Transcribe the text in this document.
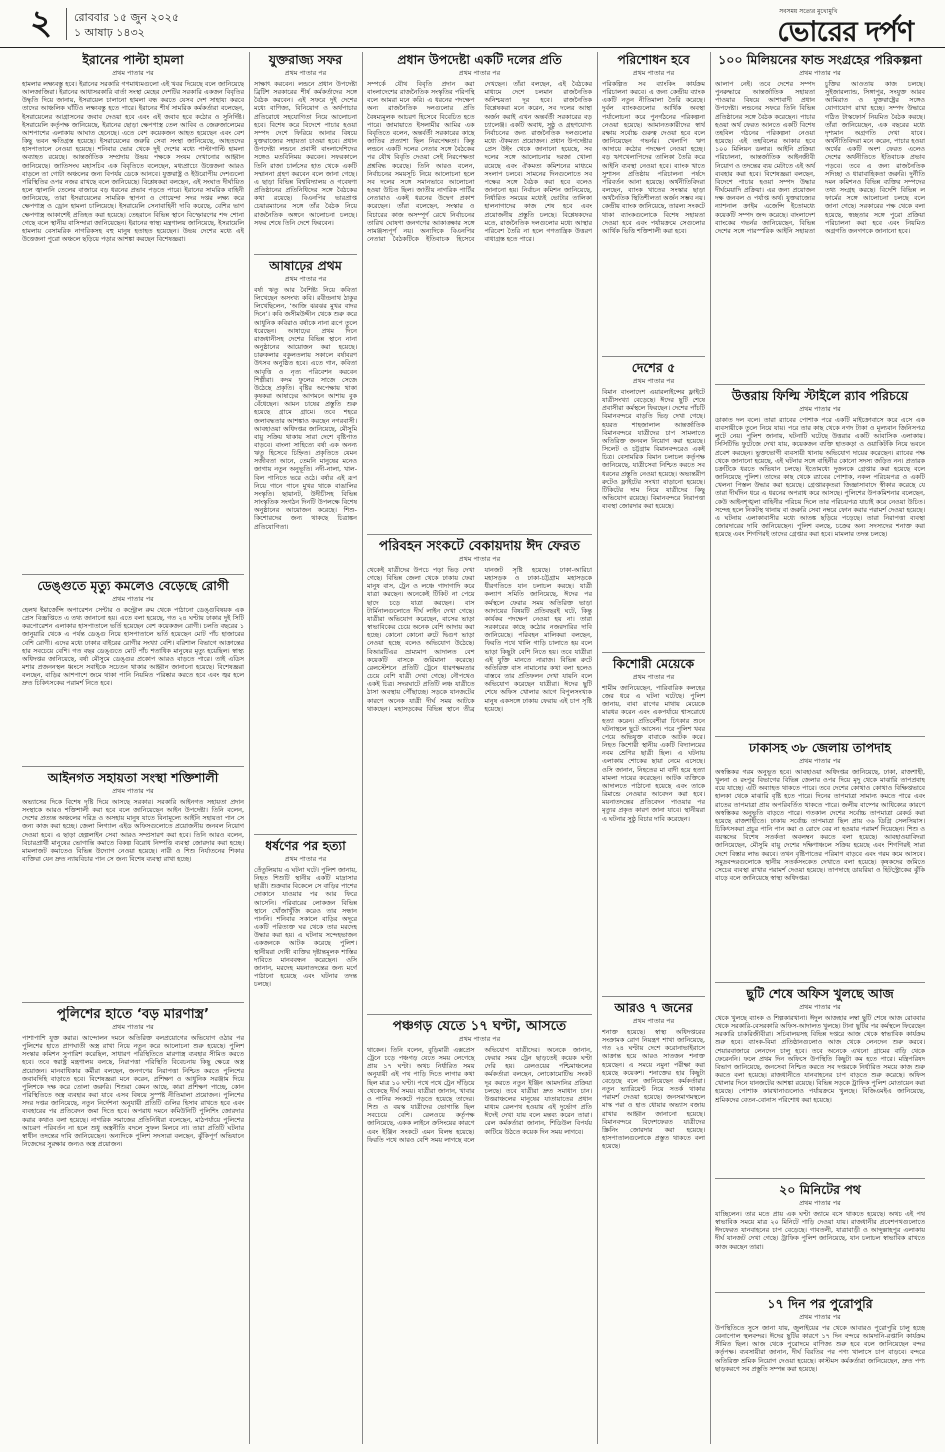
২ রোববার ১৫ জুন ২০২৫
১ আষাঢ় ১৪৩২
সবসময় সত্যের মুখোমুখি
ভোরের দর্পণ
ইরানের পাল্টা হামলা
প্রথম পাতার পর
হামলার লক্ষ্যবস্তু হবে। ইরানের সরকারি গণমাধ্যমগুলো এই খবর দিয়েছে বলে জানিয়েছে আলজাজিরা। ইরানের আধাসরকারি বার্তা সংস্থা মেহের দেশটির সরকারি একজন বিবৃতির উদ্ধৃতি দিয়ে জানায়, ইসরায়েল চালানো হামলা বন্ধ করতে যেসব দেশ সাহায্য করবে তাদের আঞ্চলিক ঘাঁটিও লক্ষ্যবস্তু হতে পারে। ইরানের শীর্ষ সামরিক কর্মকর্তারা বলেছেন, ইসরায়েলের আগ্রাসনের জবাব দেওয়া হবে এবং এই জবাব হবে কঠোর ও সুনির্দিষ্ট। ইসরায়েলি কর্তৃপক্ষ জানিয়েছে, ইরানের ছোড়া ক্ষেপণাস্ত্র তেল আবিব ও জেরুজালেমের আশপাশের এলাকায় আঘাত হেনেছে। এতে বেশ কয়েকজন আহত হয়েছেন এবং বেশ কিছু ভবন ক্ষতিগ্রস্ত হয়েছে। ইসরায়েলের জরুরি সেবা সংস্থা জানিয়েছে, আহতদের হাসপাতালে নেওয়া হয়েছে। শনিবার ভোর থেকে দুই দেশের মধ্যে পাল্টাপাল্টি হামলা অব্যাহত রয়েছে। আন্তর্জাতিক সম্প্রদায় উভয় পক্ষকে সংযম দেখানোর আহ্বান জানিয়েছে। জাতিসংঘ মহাসচিব এক বিবৃতিতে বলেছেন, মধ্যপ্রাচ্যে উত্তেজনা আরও বাড়লে তা গোটা অঞ্চলের জন্য বিপর্যয় ডেকে আনবে। যুক্তরাষ্ট্র ও ইউরোপীয় দেশগুলো পরিস্থিতির ওপর নজর রাখছে বলে জানিয়েছে। বিশ্লেষকরা বলছেন, এই সংঘাত দীর্ঘায়িত হলে জ্বালানি তেলের বাজারে বড় ধরনের প্রভাব পড়তে পারে। ইরানের সামরিক বাহিনী জানিয়েছে, তারা ইসরায়েলের সামরিক স্থাপনা ও গোয়েন্দা সদর দপ্তর লক্ষ্য করে ক্ষেপণাস্ত্র ও ড্রোন হামলা চালিয়েছে। ইসরায়েলি সেনাবাহিনী দাবি করেছে, বেশির ভাগ ক্ষেপণাস্ত্র আকাশেই প্রতিহত করা হয়েছে। তেহরানে বিভিন্ন স্থানে বিস্ফোরণের শব্দ শোনা গেছে বলে স্থানীয় বাসিন্দারা জানিয়েছেন। ইরানের স্বাস্থ্য মন্ত্রণালয় জানিয়েছে, ইসরায়েলি হামলায় বেসামরিক নাগরিকসহ বহু মানুষ হতাহত হয়েছেন। উভয় দেশের মধ্যে এই উত্তেজনা পুরো অঞ্চলে ছড়িয়ে পড়ার আশঙ্কা করছেন বিশেষজ্ঞরা।
ডেঙ্গুতে মৃত্যু কমলেও বেড়েছে রোগী
প্রথম পাতার পর
হেলথ ইমার্জেন্সি অপারেশন সেন্টার ও কন্ট্রোল রুম থেকে পাঠানো ডেঙ্গুবিষয়ক এক প্রেস বিজ্ঞপ্তিতে এ তথ্য জানানো হয়। এতে বলা হয়েছে, গত ২৪ ঘণ্টায় ঢাকার দুই সিটি করপোরেশন এলাকার হাসপাতালে ভর্তি হয়েছেন বেশ কয়েকজন রোগী। চলতি বছরের ১ জানুয়ারি থেকে এ পর্যন্ত ডেঙ্গু নিয়ে হাসপাতালে ভর্তি হয়েছেন মোট পাঁচ হাজারের বেশি রোগী। এদের মধ্যে ঢাকার বাইরের রোগীর সংখ্যা বেশি। বরিশাল বিভাগে আক্রান্তের হার সবচেয়ে বেশি। গত বছর ডেঙ্গুতে মোট পাঁচ শতাধিক মানুষের মৃত্যু হয়েছিল। স্বাস্থ্য অধিদপ্তর জানিয়েছে, বর্ষা মৌসুমে ডেঙ্গুর প্রকোপ আরও বাড়তে পারে। তাই এডিস মশার প্রজননস্থল ধ্বংসে সবাইকে সচেতন থাকার আহ্বান জানানো হয়েছে। বিশেষজ্ঞরা বলছেন, বাড়ির আশপাশে জমে থাকা পানি নিয়মিত পরিষ্কার করতে হবে এবং জ্বর হলে দ্রুত চিকিৎসকের পরামর্শ নিতে হবে।
আইনগত সহায়তা সংস্থা শক্তিশালী
প্রথম পাতার পর
অভ্যাসের দিকে বিশেষ দৃষ্টি দিয়ে আসছে সরকার। সরকারি আইনগত সহায়তা প্রদান সংস্থাকে আরও শক্তিশালী করা হবে বলে জানিয়েছেন আইন উপদেষ্টা। তিনি বলেন, দেশের প্রত্যন্ত অঞ্চলের দরিদ্র ও অসহায় মানুষ যাতে বিনামূল্যে আইনি সহায়তা পান সে জন্য কাজ করা হচ্ছে। জেলা লিগ্যাল এইড অফিসগুলোতে প্রয়োজনীয় জনবল নিয়োগ দেওয়া হবে। এ ছাড়া হেল্পলাইন সেবা আরও সম্প্রসারণ করা হবে। তিনি আরও বলেন, বিচারপ্রার্থী মানুষের ভোগান্তি কমাতে বিকল্প বিরোধ নিষ্পত্তি ব্যবস্থা জোরদার করা হচ্ছে। মামলাজট কমাতেও বিভিন্ন উদ্যোগ নেওয়া হয়েছে। নারী ও শিশু নির্যাতনের শিকার ব্যক্তিরা যেন দ্রুত ন্যায়বিচার পান সে জন্য বিশেষ ব্যবস্থা রাখা হচ্ছে।
পুলিশের হাতে ‘বড় মারণাস্ত্র’
প্রথম পাতার পর
পাশাপাশি যুক্ত করার। আন্দোলন দমনে অতিরিক্ত বলপ্রয়োগের অভিযোগ ওঠার পর পুলিশের হাতে প্রাণঘাতী অস্ত্র রাখা নিয়ে নতুন করে আলোচনা শুরু হয়েছে। পুলিশ সংস্কার কমিশন সুপারিশ করেছিল, সাধারণ পরিস্থিতিতে মারণাস্ত্র ব্যবহার সীমিত করতে হবে। তবে স্বরাষ্ট্র মন্ত্রণালয় বলছে, নিরাপত্তা পরিস্থিতি বিবেচনায় কিছু ক্ষেত্রে অস্ত্র প্রয়োজন। মানবাধিকার কর্মীরা বলছেন, জনগণের নিরাপত্তা নিশ্চিত করতে পুলিশের জবাবদিহি বাড়াতে হবে। বিশেষজ্ঞরা মনে করেন, প্রশিক্ষণ ও আধুনিক সরঞ্জাম দিয়ে পুলিশকে দক্ষ করে তোলা জরুরি। শিশুরা কেমন আছে, কারা প্রশিক্ষণ পাচ্ছে, কোন পরিস্থিতিতে অস্ত্র ব্যবহার করা যাবে এসব বিষয়ে সুস্পষ্ট নীতিমালা প্রয়োজন। পুলিশের সদর দপ্তর জানিয়েছে, নতুন নির্দেশনা অনুযায়ী প্রতিটি গুলির হিসাব রাখতে হবে এবং ব্যবহারের পর প্রতিবেদন জমা দিতে হবে। অপরাধ দমনে কমিউনিটি পুলিশিং জোরদার করার কথাও বলা হয়েছে। নাগরিক সমাজের প্রতিনিধিরা বলেছেন, মাঠপর্যায়ে পুলিশের আচরণ পরিবর্তন না হলে শুধু অস্ত্রনীতি বদলে সুফল মিলবে না। তারা প্রতিটি ঘটনার স্বাধীন তদন্তের দাবি জানিয়েছেন। অন্যদিকে পুলিশ সদস্যরা বলছেন, ঝুঁকিপূর্ণ অভিযানে নিজেদের সুরক্ষার জন্যও অস্ত্র প্রয়োজন।
যুক্তরাজ্য সফর
প্রথম পাতার পর
সাক্ষাৎ করবেন। লন্ডনে প্রধান উপদেষ্টা ব্রিটিশ সরকারের শীর্ষ কর্মকর্তাদের সঙ্গে বৈঠক করবেন। এই সফরে দুই দেশের মধ্যে বাণিজ্য, বিনিয়োগ ও অর্থপাচার প্রতিরোধে সহযোগিতা নিয়ে আলোচনা হবে। বিশেষ করে বিদেশে পাচার হওয়া সম্পদ দেশে ফিরিয়ে আনার বিষয়ে যুক্তরাজ্যের সহায়তা চাওয়া হবে। প্রধান উপদেষ্টা লন্ডনে প্রবাসী বাংলাদেশিদের সঙ্গেও মতবিনিময় করবেন। সফরকালে তিনি রাজা চার্লসের হাত থেকে একটি সম্মাননা গ্রহণ করবেন বলে জানা গেছে। এ ছাড়া বিভিন্ন বিশ্ববিদ্যালয় ও গবেষণা প্রতিষ্ঠানের প্রতিনিধিদের সঙ্গে বৈঠকের কথা রয়েছে। বিএনপির ভারপ্রাপ্ত চেয়ারম্যানের সঙ্গে তাঁর বৈঠক নিয়ে রাজনৈতিক অঙ্গনে আলোচনা চলছে। সফর শেষে তিনি দেশে ফিরবেন।
আষাঢ়ের প্রথম
প্রথম পাতার পর
বর্ষা ঋতু আর বৈশিষ্ট্য নিয়ে কবিতা লিখেছেন অসংখ্য কবি। রবীন্দ্রনাথ ঠাকুর লিখেছিলেন, ‘আজি ঝরঝর মুখর বাদর দিনে’। কবি জসীমউদ্দীন থেকে শুরু করে আধুনিক কবিরাও বর্ষাকে নানা রূপে তুলে ধরেছেন। আষাঢ়ের প্রথম দিনে রাজধানীসহ দেশের বিভিন্ন স্থানে নানা অনুষ্ঠানের আয়োজন করা হয়েছে। চারুকলার বকুলতলায় সকালে বর্ষাবরণ উৎসব অনুষ্ঠিত হবে। এতে গান, কবিতা আবৃত্তি ও নৃত্য পরিবেশন করবেন শিল্পীরা। কদম ফুলের সাজে সেজে উঠেছে প্রকৃতি। বৃষ্টির অপেক্ষায় থাকা কৃষকরা আষাঢ়ের আগমনে আশায় বুক বেঁধেছেন। আমন চাষের প্রস্তুতি শুরু হয়েছে গ্রামে গ্রামে। তবে শহরে জলাবদ্ধতার আশঙ্কাও করছেন নগরবাসী। আবহাওয়া অধিদপ্তর জানিয়েছে, মৌসুমি বায়ু সক্রিয় থাকায় সারা দেশে বৃষ্টিপাত বাড়বে। বাংলা সাহিত্যে বর্ষা এক অনন্য ঋতু হিসেবে চিহ্নিত। প্রকৃতিতে যেমন সজীবতা আনে, তেমনি মানুষের মনেও জাগায় নতুন অনুভূতি। নদী-নালা, খাল-বিল পানিতে ভরে ওঠে। বর্ষার এই রূপ নিয়ে গানে গানে মুখর থাকে বাঙালির সংস্কৃতি। ছায়ানট, উদীচীসহ বিভিন্ন সাংস্কৃতিক সংগঠন দিনটি উপলক্ষে বিশেষ অনুষ্ঠানের আয়োজন করেছে। শিশু-কিশোরদের জন্য থাকছে চিত্রাঙ্কন প্রতিযোগিতা।
ধর্ষণের পর হত্যা
প্রথম পাতার পর
তেঁতুলিয়ায় এ ঘটনা ঘটে। পুলিশ জানায়, নিহত শিশুটি স্থানীয় একটি মাদ্রাসার ছাত্রী। শুক্রবার বিকেলে সে বাড়ির পাশের দোকানে যাওয়ার পর আর ফিরে আসেনি। পরিবারের লোকজন বিভিন্ন স্থানে খোঁজাখুঁজি করেও তার সন্ধান পাননি। শনিবার সকালে বাড়ির অদূরে একটি পরিত্যক্ত ঘর থেকে তার মরদেহ উদ্ধার করা হয়। এ ঘটনায় সন্দেহভাজন একজনকে আটক করেছে পুলিশ। স্থানীয়রা দোষী ব্যক্তির দৃষ্টান্তমূলক শাস্তির দাবিতে মানববন্ধন করেছেন। ওসি জানান, মরদেহ ময়নাতদন্তের জন্য মর্গে পাঠানো হয়েছে এবং ঘটনার তদন্ত চলছে।
প্রধান উপদেষ্টা একটি দলের প্রতি
প্রথম পাতার পর
সম্পর্কে যৌথ বিবৃতি প্রদান করা বাংলাদেশের রাজনৈতিক সংস্কৃতির পরিপন্থি বলে আমরা মনে করি। এ ধরনের পদক্ষেপ অন্য রাজনৈতিক দলগুলোর প্রতি বৈষম্যমূলক আচরণ হিসেবে বিবেচিত হতে পারে। জামায়াতে ইসলামীর আমির এক বিবৃতিতে বলেন, অন্তর্বর্তী সরকারের কাছে জাতির প্রত্যাশা ছিল নিরপেক্ষতা। কিন্তু লন্ডনে একটি দলের নেতার সঙ্গে বৈঠকের পর যৌথ বিবৃতি দেওয়া সেই নিরপেক্ষতা প্রশ্নবিদ্ধ করেছে। তিনি আরও বলেন, নির্বাচনের সময়সূচি নিয়ে আলোচনা হলে সব দলের সঙ্গে সমানভাবে আলোচনা হওয়া উচিত ছিল। জাতীয় নাগরিক পার্টির নেতারাও একই ধরনের উদ্বেগ প্রকাশ করেছেন। তাঁরা বলেছেন, সংস্কার ও বিচারের কাজ অসম্পূর্ণ রেখে নির্বাচনের তারিখ ঘোষণা জনগণের আকাঙ্ক্ষার সঙ্গে সামঞ্জস্যপূর্ণ নয়। অন্যদিকে বিএনপির নেতারা বৈঠকটিকে ইতিবাচক হিসেবে দেখছেন। তাঁরা বলছেন, এই বৈঠকের মাধ্যমে দেশে চলমান রাজনৈতিক অনিশ্চয়তা দূর হবে। রাজনৈতিক বিশ্লেষকরা মনে করেন, সব দলের আস্থা অর্জন করাই এখন অন্তর্বর্তী সরকারের বড় চ্যালেঞ্জ। একটি অবাধ, সুষ্ঠু ও গ্রহণযোগ্য নির্বাচনের জন্য রাজনৈতিক দলগুলোর মধ্যে ঐকমত্য প্রয়োজন। প্রধান উপদেষ্টার প্রেস উইং থেকে জানানো হয়েছে, সব দলের সঙ্গে আলোচনার দরজা খোলা রয়েছে এবং ঐকমত্য কমিশনের মাধ্যমে সংলাপ চলবে। সামনের দিনগুলোতে সব পক্ষের সঙ্গে বৈঠক করা হবে বলেও জানানো হয়। নির্বাচন কমিশন জানিয়েছে, নির্ধারিত সময়ের মধ্যেই ভোটার তালিকা হালনাগাদের কাজ শেষ হবে এবং প্রয়োজনীয় প্রস্তুতি চলছে। বিশ্লেষকদের মতে, রাজনৈতিক দলগুলোর মধ্যে আস্থার পরিবেশ তৈরি না হলে গণতান্ত্রিক উত্তরণ বাধাগ্রস্ত হতে পারে।
পরিবহন সংকটে বেকায়দায় ঈদ ফেরত
প্রথম পাতার পর
থেকেই যাত্রীদের উপচে পড়া ভিড় দেখা গেছে। বিভিন্ন জেলা থেকে ঢাকায় ফেরা মানুষ বাস, ট্রেন ও লঞ্চে গাদাগাদি করে যাত্রা করছেন। অনেকেই টিকিট না পেয়ে ছাদে চড়ে যাত্রা করছেন। বাস টার্মিনালগুলোতে দীর্ঘ লাইন দেখা গেছে। যাত্রীরা অভিযোগ করেছেন, বাসের ভাড়া স্বাভাবিকের চেয়ে অনেক বেশি আদায় করা হচ্ছে। কোনো কোনো রুটে দ্বিগুণ ভাড়া নেওয়া হচ্ছে বলেও অভিযোগ উঠেছে। বিআরটিএর ভ্রাম্যমাণ আদালত বেশ কয়েকটি বাসকে জরিমানা করেছে। রেলস্টেশনে প্রতিটি ট্রেনে ধারণক্ষমতার চেয়ে বেশি যাত্রী দেখা গেছে। নৌপথেও একই চিত্র। সদরঘাটে প্রতিটি লঞ্চ যাত্রীতে ঠাসা অবস্থায় পৌঁছাচ্ছে। সড়কে যানজটের কারণে অনেক যাত্রী দীর্ঘ সময় আটকে থাকছেন। মহাসড়কের বিভিন্ন স্থানে তীব্র যানজট সৃষ্টি হয়েছে। ঢাকা-আরিচা মহাসড়ক ও ঢাকা-চট্টগ্রাম মহাসড়কে ধীরগতিতে যান চলাচল করছে। যাত্রী কল্যাণ সমিতি জানিয়েছে, ঈদের পর কর্মস্থলে ফেরার সময় অতিরিক্ত ভাড়া আদায়ের বিষয়টি প্রতিবছরই ঘটে, কিন্তু কার্যকর পদক্ষেপ নেওয়া হয় না। তারা সরকারের কাছে কঠোর নজরদারির দাবি জানিয়েছে। পরিবহন মালিকরা বলছেন, ফিরতি পথে খালি গাড়ি চালাতে হয় বলে ভাড়া কিছুটা বেশি নিতে হয়। তবে যাত্রীরা এই যুক্তি মানতে নারাজ। বিভিন্ন রুটে অতিরিক্ত বাস নামানোর কথা বলা হলেও বাস্তবে তার প্রতিফলন দেখা যায়নি বলে অভিযোগ করেছেন যাত্রীরা। ঈদের ছুটি শেষে অফিস খোলার আগে বিপুলসংখ্যক মানুষ একসঙ্গে ঢাকায় ফেরায় এই চাপ সৃষ্টি হয়েছে।
পঞ্চগড় যেতে ১৭ ঘণ্টা, আসতে
প্রথম পাতার পর
থাকেন। তিনি বলেন, বুড়িমারী এক্সপ্রেস ট্রেনে চড়ে পঞ্চগড় যেতে সময় লেগেছে প্রায় ১৭ ঘণ্টা। অথচ নির্ধারিত সময় অনুযায়ী এই পথ পাড়ি দিতে লাগার কথা ছিল মাত্র ১০ ঘণ্টা। পথে পথে ট্রেন দাঁড়িয়ে থেকেছে দীর্ঘ সময়। যাত্রীরা জানান, খাবার ও পানির সংকটে পড়তে হয়েছে তাদের। শিশু ও বয়স্ক যাত্রীদের ভোগান্তি ছিল সবচেয়ে বেশি। রেলওয়ে কর্তৃপক্ষ জানিয়েছে, একক লাইনে ক্রসিংয়ের কারণে এবং ইঞ্জিন সংকটে এমন বিলম্ব হয়েছে। ফিরতি পথে আরও বেশি সময় লাগছে বলে অভিযোগ যাত্রীদের। অনেকে জানান, ফেরার সময় ট্রেন ছাড়তেই কয়েক ঘণ্টা দেরি হয়। রেলওয়ের পশ্চিমাঞ্চলের কর্মকর্তারা বলছেন, লোকোমোটিভ সংকট দূর করতে নতুন ইঞ্জিন আমদানির প্রক্রিয়া চলছে। তবে যাত্রীরা দ্রুত সমাধান চান। উত্তরাঞ্চলের মানুষের যাতায়াতের প্রধান মাধ্যম রেলপথ হওয়ায় এই দুর্ভোগ প্রতি ঈদেই দেখা যায় বলে মন্তব্য করেন তারা। রেল কর্মকর্তারা জানান, শিডিউল বিপর্যয় কাটিয়ে উঠতে কয়েক দিন সময় লাগবে।
পরিশোধন হবে
প্রথম পাতার পর
পরিকল্পিত সব ব্যাংকিং কার্যক্রম পরিচালনা করবে। এ জন্য কেন্দ্রীয় ব্যাংক একটি নতুন নীতিমালা তৈরি করেছে। দুর্বল ব্যাংকগুলোর আর্থিক অবস্থা পর্যালোচনা করে পুনর্গঠনের পরিকল্পনা নেওয়া হয়েছে। আমানতকারীদের স্বার্থ রক্ষায় সর্বোচ্চ গুরুত্ব দেওয়া হবে বলে জানিয়েছেন গভর্নর। খেলাপি ঋণ আদায়ে কঠোর পদক্ষেপ নেওয়া হচ্ছে। বড় ঋণখেলাপিদের তালিকা তৈরি করে আইনি ব্যবস্থা নেওয়া হবে। ব্যাংক খাতে সুশাসন প্রতিষ্ঠায় পরিচালনা পর্ষদে পরিবর্তন আনা হয়েছে। অর্থনীতিবিদরা বলছেন, ব্যাংক খাতের সংস্কার ছাড়া অর্থনৈতিক স্থিতিশীলতা অর্জন সম্ভব নয়। কেন্দ্রীয় ব্যাংক জানিয়েছে, তারল্য সংকটে থাকা ব্যাংকগুলোকে বিশেষ সহায়তা দেওয়া হবে এবং পর্যায়ক্রমে সেগুলোর আর্থিক ভিত্তি শক্তিশালী করা হবে।
দেশের ৫
প্রথম পাতার পর
বিমান বাংলাদেশ এয়ারলাইন্সের ফ্লাইটে যাত্রীসংখ্যা বেড়েছে। ঈদের ছুটি শেষে প্রবাসীরা কর্মস্থলে ফিরছেন। দেশের পাঁচটি বিমানবন্দরে বাড়তি ভিড় দেখা গেছে। হযরত শাহজালাল আন্তর্জাতিক বিমানবন্দরে যাত্রীদের চাপ সামলাতে অতিরিক্ত জনবল নিয়োগ করা হয়েছে। সিলেট ও চট্টগ্রাম বিমানবন্দরেও একই চিত্র। বেসামরিক বিমান চলাচল কর্তৃপক্ষ জানিয়েছে, যাত্রীসেবা নিশ্চিত করতে সব ধরনের প্রস্তুতি নেওয়া হয়েছে। অভ্যন্তরীণ রুটেও ফ্লাইটের সংখ্যা বাড়ানো হয়েছে। টিকিটের দাম নিয়ে যাত্রীদের কিছু অভিযোগ রয়েছে। বিমানবন্দরে নিরাপত্তা ব্যবস্থা জোরদার করা হয়েছে।
কিশোরী মেয়েকে
প্রথম পাতার পর
শামীম জানিয়েছেন, পারিবারিক কলহের জের ধরে এ ঘটনা ঘটেছে। পুলিশ জানায়, বাবা রাগের মাথায় মেয়েকে মারধর করেন এবং একপর্যায়ে শ্বাসরোধে হত্যা করেন। প্রতিবেশীরা চিৎকার শুনে ঘটনাস্থলে ছুটে আসেন। পরে পুলিশ খবর পেয়ে অভিযুক্ত বাবাকে আটক করে। নিহত কিশোরী স্থানীয় একটি বিদ্যালয়ের নবম শ্রেণির ছাত্রী ছিল। এ ঘটনায় এলাকায় শোকের ছায়া নেমে এসেছে। ওসি জানান, নিহতের মা বাদী হয়ে হত্যা মামলা দায়ের করেছেন। আটক ব্যক্তিকে আদালতে পাঠানো হয়েছে এবং তাকে রিমান্ডে নেওয়ার আবেদন করা হবে। ময়নাতদন্তের প্রতিবেদন পাওয়ার পর মৃত্যুর প্রকৃত কারণ জানা যাবে। স্থানীয়রা এ ঘটনার সুষ্ঠু বিচার দাবি করেছেন।
আরও ৭ জনের
প্রথম পাতার পর
শনাক্ত হয়েছে। স্বাস্থ্য অধিদপ্তরের সংক্রামক রোগ নিয়ন্ত্রণ শাখা জানিয়েছে, গত ২৪ ঘণ্টায় দেশে করোনাভাইরাসে আক্রান্ত হয়ে আরও সাতজন শনাক্ত হয়েছেন। এ সময়ে নমুনা পরীক্ষা করা হয়েছে কয়েকশ। শনাক্তের হার কিছুটা বেড়েছে বলে জানিয়েছেন কর্মকর্তারা। নতুন ভ্যারিয়েন্ট নিয়ে সতর্ক থাকার পরামর্শ দেওয়া হয়েছে। জনসমাগমস্থলে মাস্ক পরা ও হাত ধোয়ার অভ্যাস বজায় রাখার আহ্বান জানানো হয়েছে। বিমানবন্দরে বিদেশফেরত যাত্রীদের স্ক্রিনিং জোরদার করা হয়েছে। হাসপাতালগুলোকে প্রস্তুত থাকতে বলা হয়েছে।
১০০ মিলিয়নের ফান্ড সংগ্রহের পরিকল্পনা
প্রথম পাতার পর
আলাপ নেই। তবে দেশের সম্পদ পুনরুদ্ধারে আন্তর্জাতিক সহায়তা পাওয়ার বিষয়ে আশাবাদী প্রধান উপদেষ্টা। লন্ডনের সফরে তিনি বিভিন্ন প্রতিষ্ঠানের সঙ্গে বৈঠক করেছেন। পাচার হওয়া অর্থ ফেরত আনতে একটি বিশেষ তহবিল গঠনের পরিকল্পনা নেওয়া হয়েছে। এই তহবিলের আকার হবে ১০০ মিলিয়ন ডলার। আইনি প্রক্রিয়া পরিচালনা, আন্তর্জাতিক আইনজীবী নিয়োগ ও তদন্তের ব্যয় মেটাতে এই অর্থ ব্যবহার করা হবে। বিশেষজ্ঞরা বলছেন, বিদেশে পাচার হওয়া সম্পদ উদ্ধার দীর্ঘমেয়াদি প্রক্রিয়া। এর জন্য প্রয়োজন দক্ষ জনবল ও পর্যাপ্ত অর্থ। যুক্তরাজ্যের ন্যাশনাল ক্রাইম এজেন্সি ইতোমধ্যে কয়েকটি সম্পদ জব্দ করেছে। বাংলাদেশ ব্যাংকের গভর্নর জানিয়েছেন, বিভিন্ন দেশের সঙ্গে পারস্পরিক আইনি সহায়তা চুক্তির আওতায় কাজ চলছে। সুইজারল্যান্ড, সিঙ্গাপুর, সংযুক্ত আরব আমিরাত ও যুক্তরাষ্ট্রের সঙ্গেও যোগাযোগ রাখা হচ্ছে। সম্পদ উদ্ধারে গঠিত টাস্কফোর্স নিয়মিত বৈঠক করছে। তাঁরা জানিয়েছেন, এক বছরের মধ্যে দৃশ্যমান অগ্রগতি দেখা যাবে। অর্থনীতিবিদরা মনে করেন, পাচার হওয়া অর্থের একটি অংশ ফেরত এলেও দেশের অর্থনীতিতে ইতিবাচক প্রভাব পড়বে। তবে এ জন্য রাজনৈতিক সদিচ্ছা ও ধারাবাহিকতা জরুরি। দুর্নীতি দমন কমিশনও বিভিন্ন ব্যক্তির সম্পদের তথ্য সংগ্রহ করছে। বিদেশি বিভিন্ন ল ফার্মের সঙ্গে আলোচনা চলছে বলে জানা গেছে। সরকারের পক্ষ থেকে বলা হয়েছে, স্বচ্ছতার সঙ্গে পুরো প্রক্রিয়া পরিচালনা করা হবে এবং নিয়মিত অগ্রগতি জনগণকে জানানো হবে।
উত্তরায় ফিল্মি স্টাইলে র‍্যাব পরিচয়ে
প্রথম পাতার পর
ডাকাত দল বলে। তারা র‍্যাবের পোশাক পরে একটি মাইক্রোবাসে করে এসে এক ব্যবসায়ীকে তুলে নিয়ে যায়। পরে তার কাছ থেকে নগদ টাকা ও মূল্যবান জিনিসপত্র লুটে নেয়। পুলিশ জানায়, ঘটনাটি ঘটেছে উত্তরার একটি আবাসিক এলাকায়। সিসিটিভি ফুটেজে দেখা যায়, কয়েকজন ব্যক্তি হাতকড়া ও ওয়াকিটকি নিয়ে ভবনে প্রবেশ করছেন। ভুক্তভোগী ব্যবসায়ী থানায় অভিযোগ দায়ের করেছেন। র‍্যাবের পক্ষ থেকে জানানো হয়েছে, এই ঘটনার সঙ্গে বাহিনীর কোনো সদস্য জড়িত নন। প্রতারক চক্রটিকে ধরতে অভিযান চলছে। ইতোমধ্যে দুজনকে গ্রেপ্তার করা হয়েছে বলে জানিয়েছে পুলিশ। তাদের কাছ থেকে র‍্যাবের পোশাক, নকল পরিচয়পত্র ও একটি খেলনা পিস্তল উদ্ধার করা হয়েছে। গ্রেপ্তারকৃতরা জিজ্ঞাসাবাদে স্বীকার করেছে যে তারা দীর্ঘদিন ধরে এ ধরনের অপরাধ করে আসছে। পুলিশের উপকমিশনার বলেছেন, কেউ আইনশৃঙ্খলা বাহিনীর পরিচয় দিলে তার পরিচয়পত্র যাচাই করে নেওয়া উচিত। সন্দেহ হলে নিকটস্থ থানায় বা জরুরি সেবা নম্বরে ফোন করার পরামর্শ দেওয়া হয়েছে। এ ঘটনায় এলাকাবাসীর মধ্যে আতঙ্ক ছড়িয়ে পড়েছে। তারা নিরাপত্তা ব্যবস্থা জোরদারের দাবি জানিয়েছেন। পুলিশ বলছে, চক্রের অন্য সদস্যদের শনাক্ত করা হয়েছে এবং শিগগিরই তাদের গ্রেপ্তার করা হবে। মামলার তদন্ত চলছে।
ঢাকাসহ ৩৮ জেলায় তাপদাহ
প্রথম পাতার পর
অস্বস্তিকর গরম অনুভূত হবে। আবহাওয়া অধিদপ্তর জানিয়েছে, ঢাকা, রাজশাহী, খুলনা ও রংপুর বিভাগের বিভিন্ন জেলার ওপর দিয়ে মৃদু থেকে মাঝারি তাপপ্রবাহ বয়ে যাচ্ছে। এটি অব্যাহত থাকতে পারে। তবে দেশের কোথাও কোথাও বিক্ষিপ্তভাবে হালকা থেকে মাঝারি বৃষ্টি হতে পারে। দিনের তাপমাত্রা সামান্য কমতে পারে এবং রাতের তাপমাত্রা প্রায় অপরিবর্তিত থাকতে পারে। জলীয় বাষ্পের আধিক্যের কারণে অস্বস্তিকর অনুভূতি বাড়তে পারে। গতকাল দেশের সর্বোচ্চ তাপমাত্রা রেকর্ড করা হয়েছে রাজশাহীতে। ঢাকায় সর্বোচ্চ তাপমাত্রা ছিল প্রায় ৩৬ ডিগ্রি সেলসিয়াস। চিকিৎসকরা প্রচুর পানি পান করা ও রোদে বের না হওয়ার পরামর্শ দিয়েছেন। শিশু ও বয়স্কদের বিশেষ সতর্কতা অবলম্বন করতে বলা হয়েছে। আবহাওয়াবিদরা জানিয়েছেন, মৌসুমি বায়ু দেশের দক্ষিণাঞ্চলে সক্রিয় হয়েছে এবং শিগগিরই সারা দেশে বিস্তার লাভ করবে। তখন বৃষ্টিপাতের পরিমাণ বাড়বে এবং গরম কমে আসবে। সমুদ্রবন্দরগুলোকে স্থানীয় সতর্কসংকেত দেখাতে বলা হয়েছে। কৃষকদের জমিতে সেচের ব্যবস্থা রাখার পরামর্শ দেওয়া হয়েছে। তাপদাহে ডায়রিয়া ও হিটস্ট্রোকের ঝুঁকি বাড়ে বলে জানিয়েছে স্বাস্থ্য অধিদপ্তর।
ছুটি শেষে অফিস খুলছে আজ
প্রথম পাতার পর
থেকে খুলছে ব্যাংক ও শিল্পকারখানা। ঈদুল আজহার লম্বা ছুটি শেষে আজ রোববার থেকে সরকারি-বেসরকারি অফিস-আদালত খুলছে। টানা ছুটির পর কর্মস্থলে ফিরেছেন সরকারি চাকরিজীবীরা। সচিবালয়সহ বিভিন্ন দপ্তরে আজ থেকে স্বাভাবিক কার্যক্রম শুরু হবে। ব্যাংক-বিমা প্রতিষ্ঠানগুলোও আজ থেকে লেনদেন শুরু করবে। শেয়ারবাজারে লেনদেন চালু হবে। তবে অনেকে এখনো গ্রামের বাড়ি থেকে ফেরেননি। ফলে প্রথম দিন অফিসে উপস্থিতি কিছুটা কম হতে পারে। মন্ত্রিপরিষদ বিভাগ জানিয়েছে, জনসেবা নিশ্চিত করতে সব দপ্তরকে নির্ধারিত সময়ে কাজ শুরু করতে বলা হয়েছে। রাজধানীতে যানবাহনের চাপ বাড়তে শুরু করেছে। অফিস খোলার দিনে যানজটের আশঙ্কা রয়েছে। বিভিন্ন সড়কে ট্রাফিক পুলিশ মোতায়েন করা হয়েছে। পোশাক কারখানাগুলোও পর্যায়ক্রমে খুলছে। বিজিএমইএ জানিয়েছে, শ্রমিকদের বেতন-বোনাস পরিশোধ করা হয়েছে।
২০ মিনিটের পথ
প্রথম পাতার পর
যাচ্ছিলেন। তার মতে প্রায় এক ঘণ্টা জ্যামে বসে থাকতে হয়েছে। অথচ এই পথ স্বাভাবিক সময়ে মাত্র ২০ মিনিটে পাড়ি দেওয়া যায়। রাজধানীর প্রবেশপথগুলোতে ঈদফেরত যানবাহনের চাপ বেড়েছে। গাবতলী, যাত্রাবাড়ী ও আব্দুল্লাহপুর এলাকায় দীর্ঘ যানজট দেখা গেছে। ট্রাফিক পুলিশ জানিয়েছে, যান চলাচল স্বাভাবিক রাখতে কাজ করছেন তারা।
১৭ দিন পর পুরোপুরি
প্রথম পাতার পর
উপস্থিতিতে সুসে জানা যায়, জুলাইয়ের পর থেকে আবারও পুরোপুরি চালু হচ্ছে বেনাপোল স্থলবন্দর। ঈদের ছুটির কারণে ১৭ দিন বন্দরে আমদানি-রপ্তানি কার্যক্রম সীমিত ছিল। আজ থেকে পুরোদমে বাণিজ্য শুরু হবে বলে জানিয়েছেন বন্দর কর্তৃপক্ষ। ব্যবসায়ীরা জানান, দীর্ঘ বিরতির পর পণ্য খালাসে চাপ বাড়বে। বন্দরে অতিরিক্ত শ্রমিক নিয়োগ দেওয়া হয়েছে। কাস্টমস কর্মকর্তারা জানিয়েছেন, দ্রুত পণ্য ছাড়করণে সব প্রস্তুতি সম্পন্ন করা হয়েছে।
